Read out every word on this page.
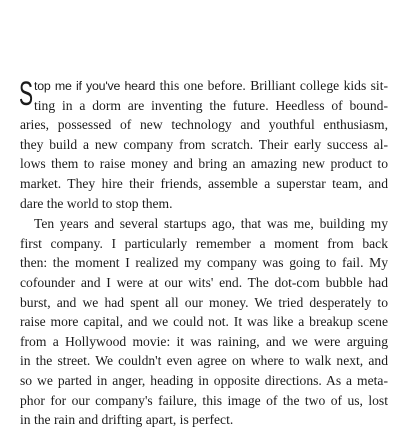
S top me if you've heard this one before. Brilliant college kids sit-
ting in a dorm are inventing the future. Heedless of bound-
aries, possessed of new technology and youthful enthusiasm,
they build a new company from scratch. Their early success al-
lows them to raise money and bring an amazing new product to
market. They hire their friends, assemble a superstar team, and
dare the world to stop them.
Ten years and several startups ago, that was me, building my
first company. I particularly remember a moment from back
then: the moment I realized my company was going to fail. My
cofounder and I were at our wits' end. The dot-com bubble had
burst, and we had spent all our money. We tried desperately to
raise more capital, and we could not. It was like a breakup scene
from a Hollywood movie: it was raining, and we were arguing
in the street. We couldn't even agree on where to walk next, and
so we parted in anger, heading in opposite directions. As a meta-
phor for our company's failure, this image of the two of us, lost
in the rain and drifting apart, is perfect.
